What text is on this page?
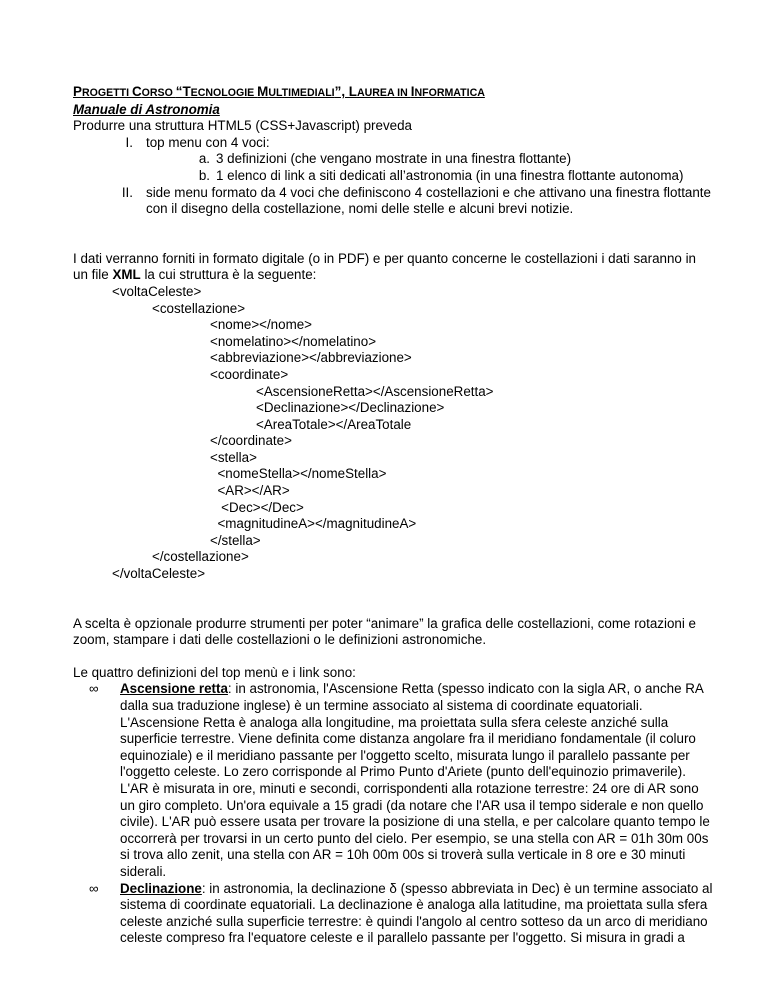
PROGETTI CORSO “TECNOLOGIE MULTIMEDIALI”, LAUREA IN INFORMATICA
Manuale di Astronomia

Produrre una struttura HTML5 (CSS+Javascript) preveda

I. top menu con 4 voci:
a. 3 definizioni (che vengano mostrate in una finestra flottante)
b. 1 elenco di link a siti dedicati all’astronomia (in una finestra flottante autonoma)
II. side menu formato da 4 voci che definiscono 4 costellazioni e che attivano una finestra flottante con il disegno della costellazione, nomi delle stelle e alcuni brevi notizie.

I dati verranno forniti in formato digitale (o in PDF) e per quanto concerne le costellazioni i dati saranno in un file XML la cui struttura è la seguente:

<voltaCeleste>
<costellazione>
<nome></nome>
<nomelatino></nomelatino>
<abbreviazione></abbreviazione>
<coordinate>
<AscensioneRetta></AscensioneRetta>
<Declinazione></Declinazione>
<AreaTotale></AreaTotale
</coordinate>
<stella>
<nomeStella></nomeStella>
<AR></AR>
<Dec></Dec>
<magnitudineA></magnitudineA>
</stella>
</costellazione>
</voltaCeleste>

A scelta è opzionale produrre strumenti per poter “animare” la grafica delle costellazioni, come rotazioni e zoom, stampare i dati delle costellazioni o le definizioni astronomiche.

Le quattro definizioni del top menù e i link sono:

∞ Ascensione retta: in astronomia, l'Ascensione Retta (spesso indicato con la sigla AR, o anche RA dalla sua traduzione inglese) è un termine associato al sistema di coordinate equatoriali. L'Ascensione Retta è analoga alla longitudine, ma proiettata sulla sfera celeste anziché sulla superficie terrestre. Viene definita come distanza angolare fra il meridiano fondamentale (il coluro equinoziale) e il meridiano passante per l'oggetto scelto, misurata lungo il parallelo passante per l'oggetto celeste. Lo zero corrisponde al Primo Punto d'Ariete (punto dell'equinozio primaverile). L'AR è misurata in ore, minuti e secondi, corrispondenti alla rotazione terrestre: 24 ore di AR sono un giro completo. Un'ora equivale a 15 gradi (da notare che l'AR usa il tempo siderale e non quello civile). L'AR può essere usata per trovare la posizione di una stella, e per calcolare quanto tempo le occorrerà per trovarsi in un certo punto del cielo. Per esempio, se una stella con AR = 01h 30m 00s si trova allo zenit, una stella con AR = 10h 00m 00s si troverà sulla verticale in 8 ore e 30 minuti siderali.
∞ Declinazione: in astronomia, la declinazione δ (spesso abbreviata in Dec) è un termine associato al sistema di coordinate equatoriali. La declinazione è analoga alla latitudine, ma proiettata sulla sfera celeste anziché sulla superficie terrestre: è quindi l'angolo al centro sotteso da un arco di meridiano celeste compreso fra l'equatore celeste e il parallelo passante per l'oggetto. Si misura in gradi a
